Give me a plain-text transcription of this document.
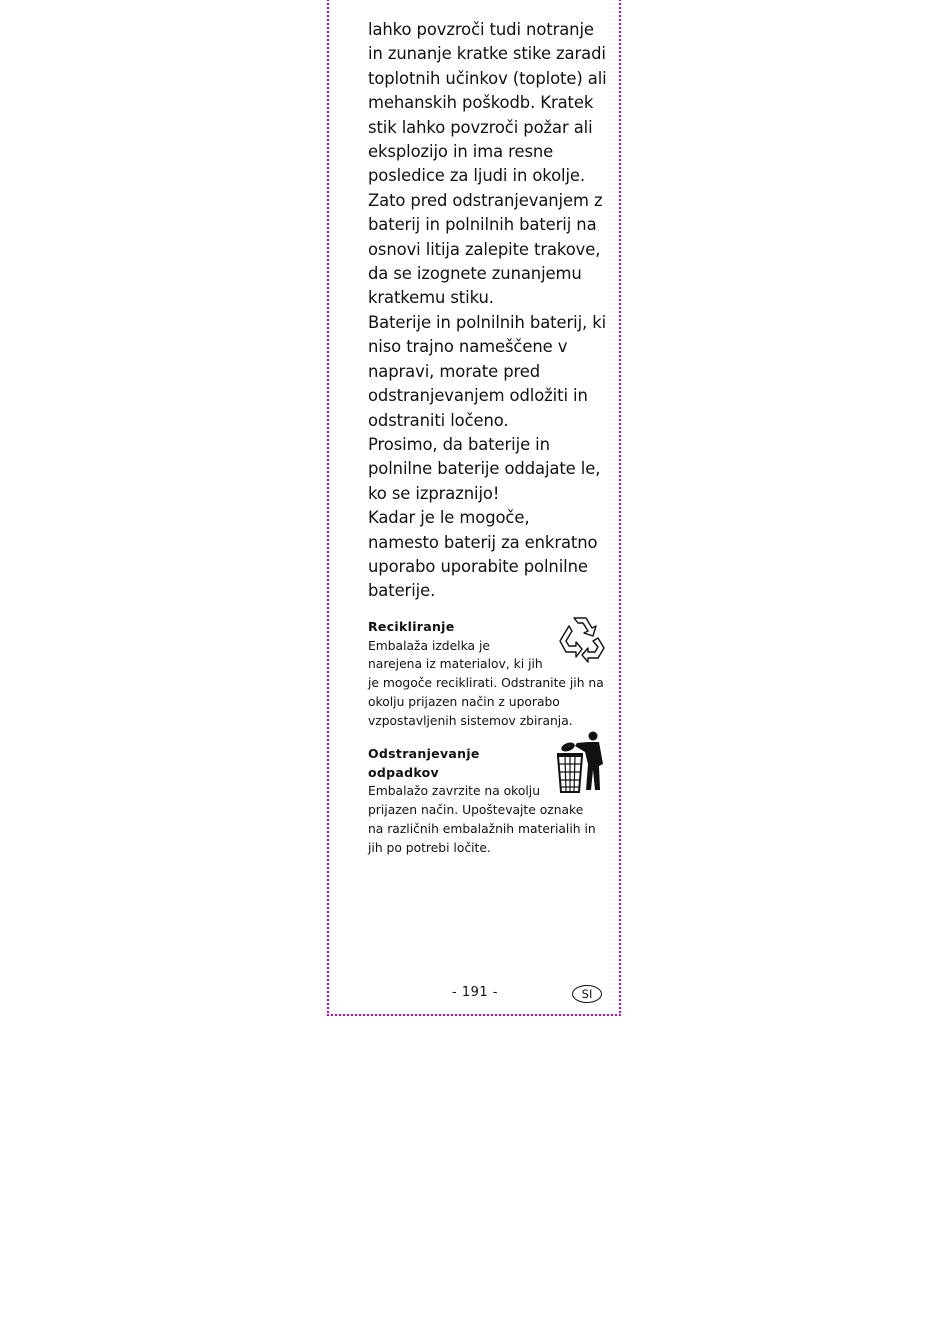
lahko povzroči tudi notranje
in zunanje kratke stike zaradi
toplotnih učinkov (toplote) ali
mehanskih poškodb. Kratek
stik lahko povzroči požar ali
eksplozijo in ima resne
posledice za ljudi in okolje.
Zato pred odstranjevanjem z
baterij in polnilnih baterij na
osnovi litija zalepite trakove,
da se izognete zunanjemu
kratkemu stiku.
Baterije in polnilnih baterij, ki
niso trajno nameščene v
napravi, morate pred
odstranjevanjem odložiti in
odstraniti ločeno.
Prosimo, da baterije in
polnilne baterije oddajate le,
ko se izpraznijo!
Kadar je le mogoče,
namesto baterij za enkratno
uporabo uporabite polnilne
baterije.
Recikliranje
Embalaža izdelka je
narejena iz materialov, ki jih
je mogoče reciklirati. Odstranite jih na
okolju prijazen način z uporabo
vzpostavljenih sistemov zbiranja.
Odstranjevanje
odpadkov
Embalažo zavrzite na okolju
prijazen način. Upoštevajte oznake
na različnih embalažnih materialih in
jih po potrebi ločite.
- 191 -	SI
